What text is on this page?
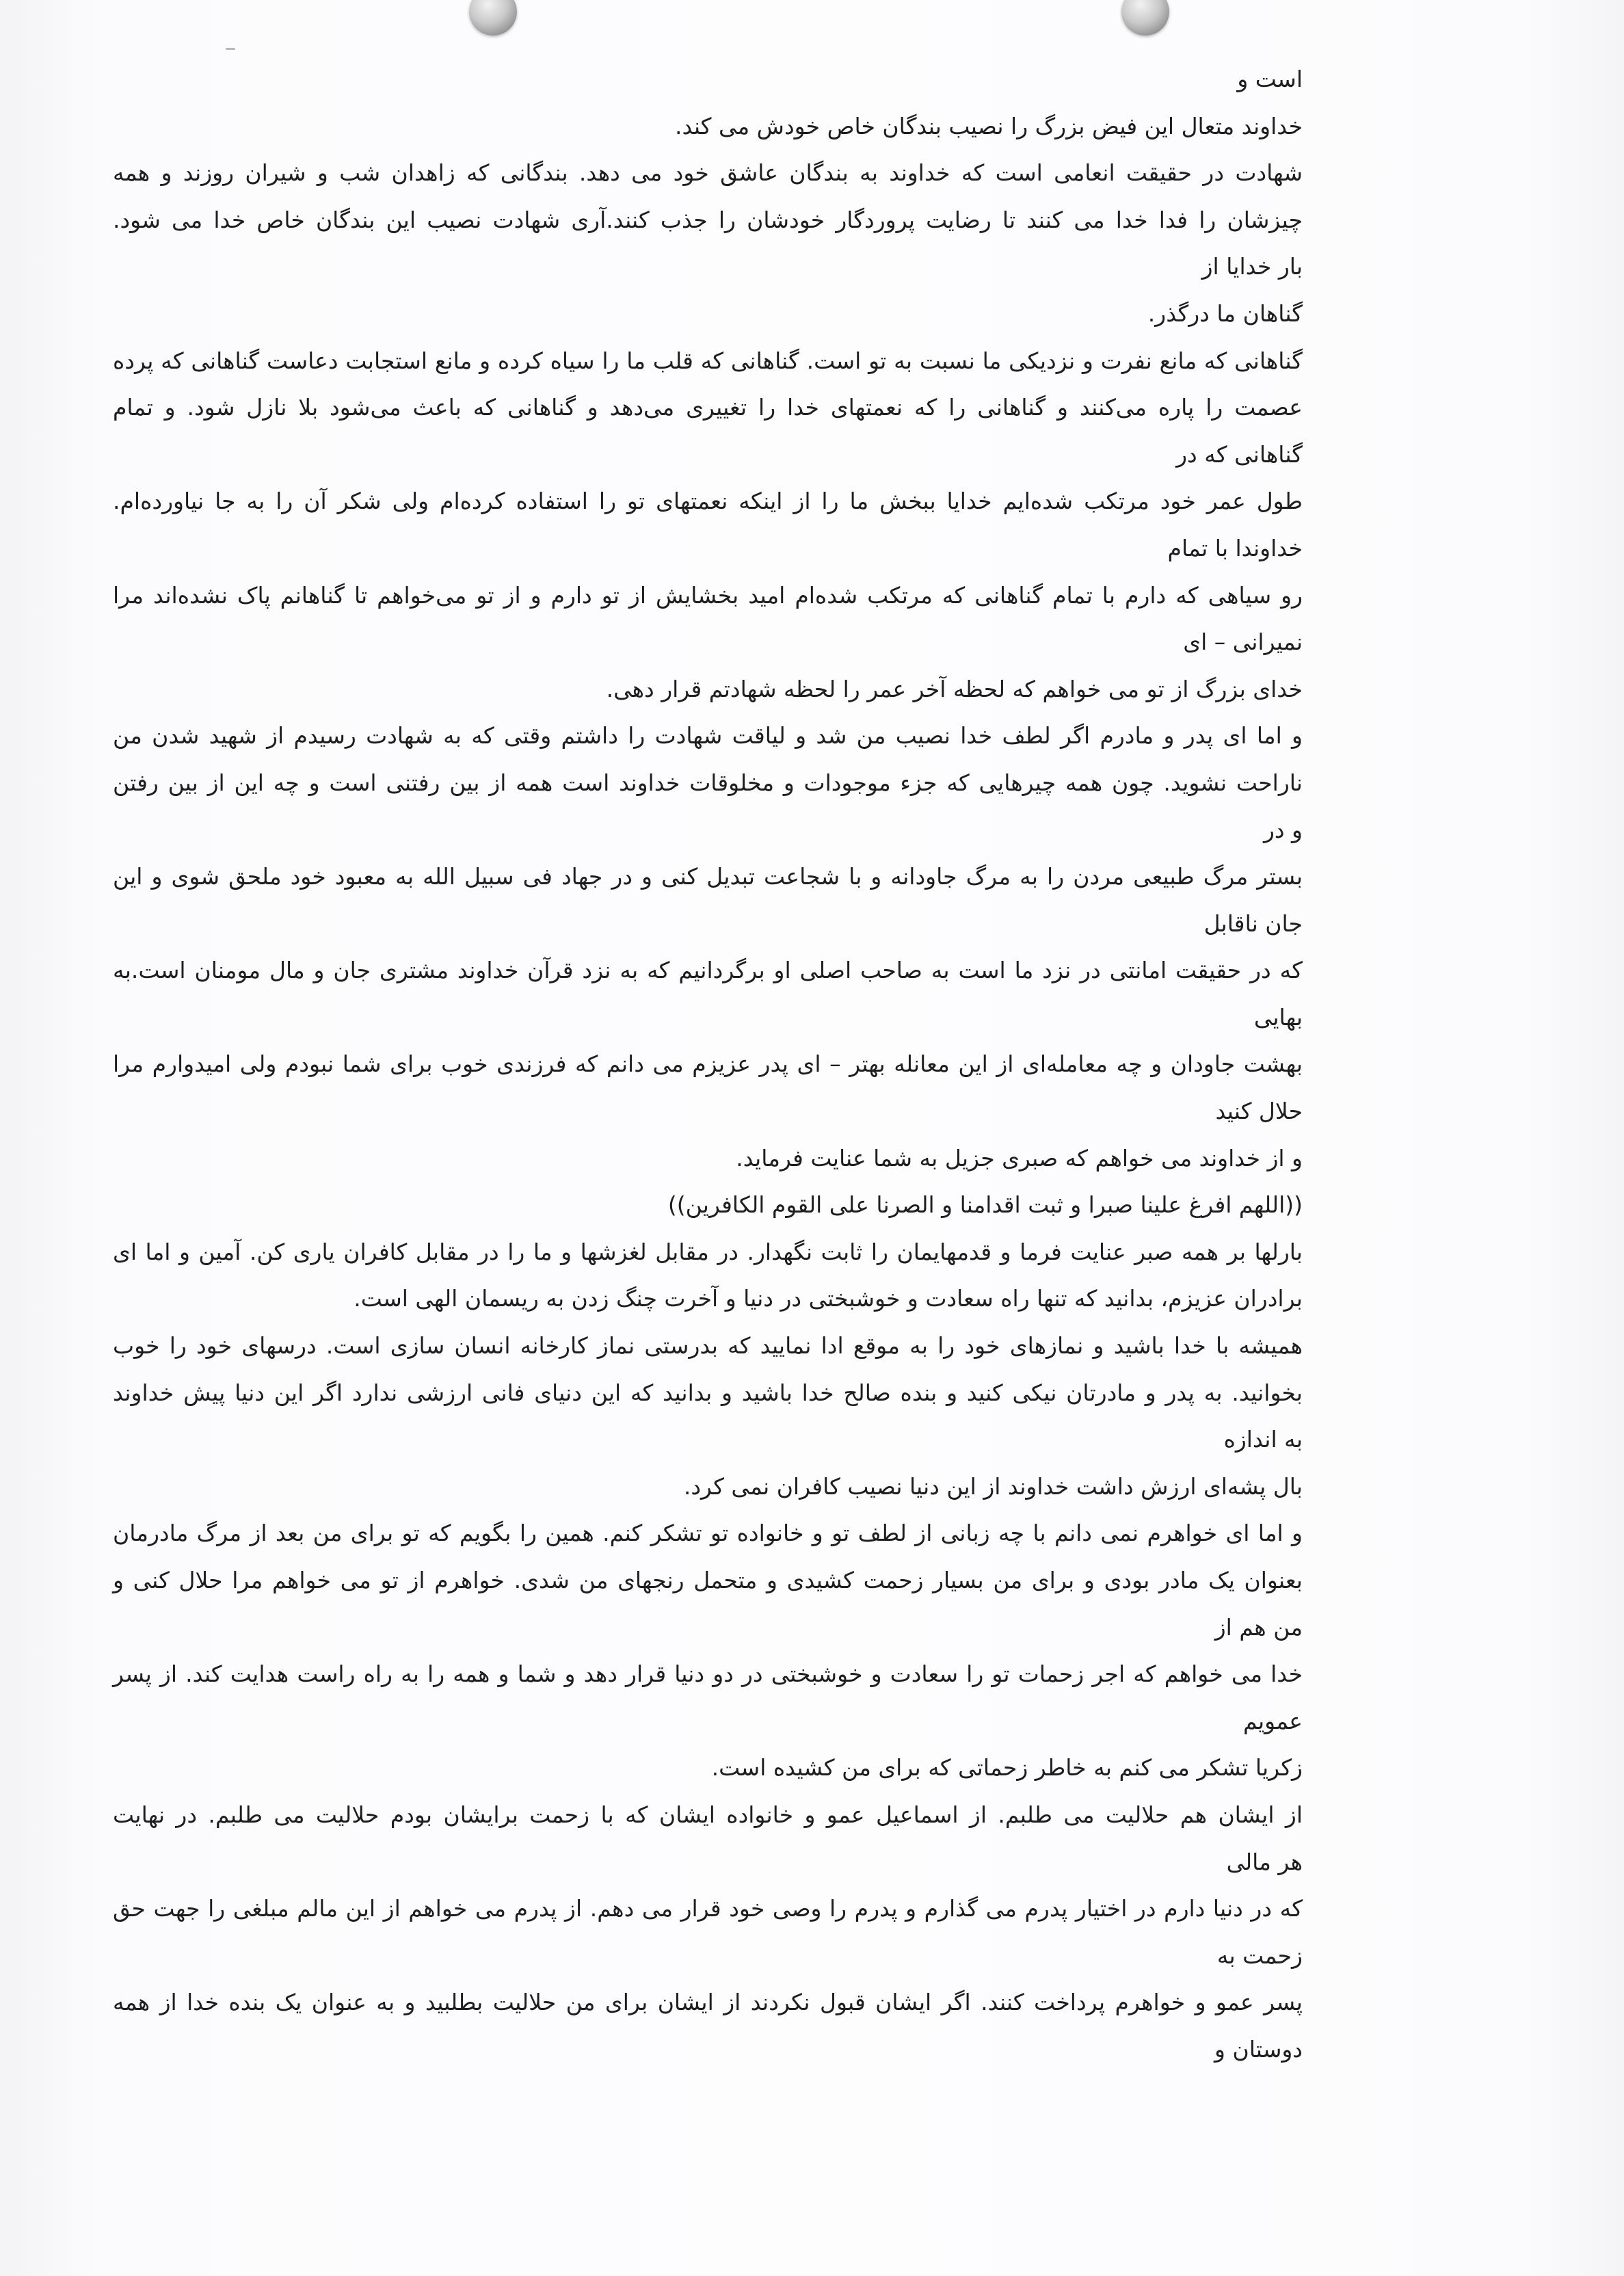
است و
خداوند متعال این فیض بزرگ را نصیب بندگان خاص خودش می کند.
شهادت در حقیقت انعامی است که خداوند به بندگان عاشق خود می دهد. بندگانی که زاهدان شب و شیران روزند و همه
چیزشان را فدا خدا می کنند تا رضایت پروردگار خودشان را جذب کنند.آری شهادت نصیب این بندگان خاص خدا می شود.
بار خدایا از
گناهان ما درگذر.
گناهانی که مانع نفرت و نزدیکی ما نسبت به تو است. گناهانی که قلب ما را سیاه کرده و مانع استجابت دعاست گناهانی که پرده
عصمت را پاره می‌کنند و گناهانی را که نعمتهای خدا را تغییری می‌دهد و گناهانی که باعث می‌شود بلا نازل شود. و تمام
گناهانی که در
طول عمر خود مرتکب شده‌ایم خدایا ببخش ما را از اینکه نعمتهای تو را استفاده کرده‌ام ولی شکر آن را به جا نیاورده‌ام.
خداوندا با تمام
رو سیاهی که دارم با تمام گناهانی که مرتکب شده‌ام امید بخشایش از تو دارم و از تو می‌خواهم تا گناهانم پاک نشده‌اند مرا
نمیرانی – ای
خدای بزرگ از تو می خواهم که لحظه آخر عمر را لحظه شهادتم قرار دهی.
و اما ای پدر و مادرم اگر لطف خدا نصیب من شد و لیاقت شهادت را داشتم وقتی که به شهادت رسیدم از شهید شدن من
ناراحت نشوید. چون همه چیرهایی که جزء موجودات و مخلوقات خداوند است همه از بین رفتنی است و چه این از بین رفتن
و در
بستر مرگ طبیعی مردن را به مرگ جاودانه و با شجاعت تبدیل کنی و در جهاد فی سبیل الله به معبود خود ملحق شوی و این
جان ناقابل
که در حقیقت امانتی در نزد ما است به صاحب اصلی او برگردانیم که به نزد قرآن خداوند مشتری جان و مال مومنان است.به
بهایی
بهشت جاودان و چه معامله‌ای از این معانله بهتر – ای پدر عزیزم می دانم که فرزندی خوب برای شما نبودم ولی امیدوارم مرا
حلال کنید
و از خداوند می خواهم که صبری جزیل به شما عنایت فرماید.
((اللهم افرغ علینا صبرا و ثبت اقدامنا و الصرنا علی القوم الکافرین))
بارلها بر همه صبر عنایت فرما و قدمهایمان را ثابت نگهدار. در مقابل لغزشها و ما را در مقابل کافران یاری کن. آمین و اما ای
برادران عزیزم، بدانید که تنها راه سعادت و خوشبختی در دنیا و آخرت چنگ زدن به ریسمان الهی است.
همیشه با خدا باشید و نمازهای خود را به موقع ادا نمایید که بدرستی نماز کارخانه انسان سازی است. درسهای خود را خوب
بخوانید. به پدر و مادرتان نیکی کنید و بنده صالح خدا باشید و بدانید که این دنیای فانی ارزشی ندارد اگر این دنیا پیش خداوند
به اندازه
بال پشه‌ای ارزش داشت خداوند از این دنیا نصیب کافران نمی کرد.
و اما ای خواهرم نمی دانم با چه زبانی از لطف تو و خانواده تو تشکر کنم. همین را بگویم که تو برای من بعد از مرگ مادرمان
بعنوان یک مادر بودی و برای من بسیار زحمت کشیدی و متحمل رنجهای من شدی. خواهرم از تو می خواهم مرا حلال کنی و
من هم از
خدا می خواهم که اجر زحمات تو را سعادت و خوشبختی در دو دنیا قرار دهد و شما و همه را به راه راست هدایت کند. از پسر
عمویم
زکریا تشکر می کنم به خاطر زحماتی که برای من کشیده است.
از ایشان هم حلالیت می طلبم. از اسماعیل عمو و خانواده ایشان که با زحمت برایشان بودم حلالیت می طلبم. در نهایت
هر مالی
که در دنیا دارم در اختیار پدرم می گذارم و پدرم را وصی خود قرار می دهم. از پدرم می خواهم از این مالم مبلغی را جهت حق
زحمت به
پسر عمو و خواهرم پرداخت کنند. اگر ایشان قبول نکردند از ایشان برای من حلالیت بطلبید و به عنوان یک بنده خدا از همه
دوستان و
